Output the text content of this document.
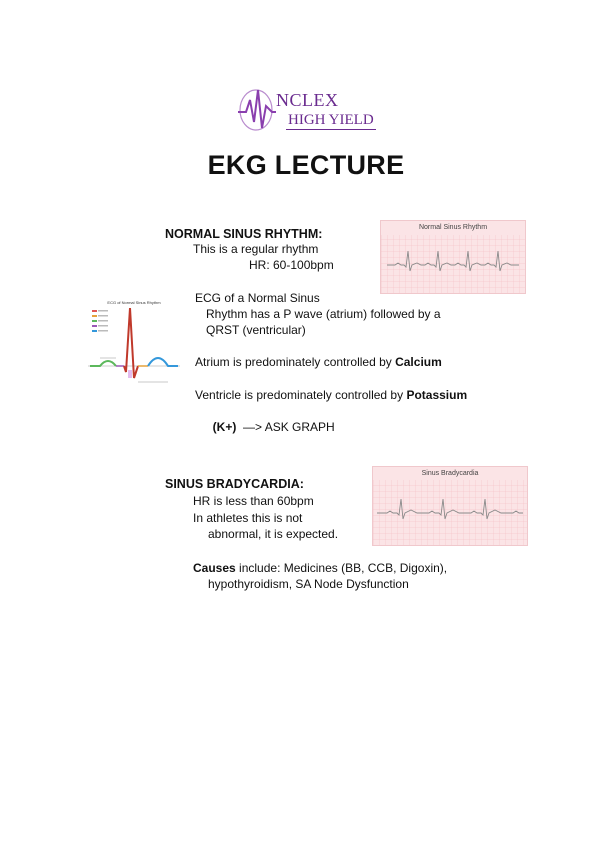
NCLEX
HIGH YIELD
EKG LECTURE
NORMAL SINUS RHYTHM:
This is a regular rhythm
HR: 60-100bpm
Normal Sinus Rhythm
ECG of Normal Sinus Rhythm	ECG of a Normal Sinus
Rhythm has a P wave (atrium) followed by a
QRST (ventricular)
Atrium is predominately controlled by Calcium
Ventricle is predominately controlled by Potassium

(K+)  —> ASK GRAPH

SINUS BRADYCARDIA:
HR is less than 60bpm
In athletes this is not
abnormal, it is expected.
Sinus Bradycardia
Causes include: Medicines (BB, CCB, Digoxin),
hypothyroidism, SA Node Dysfunction
